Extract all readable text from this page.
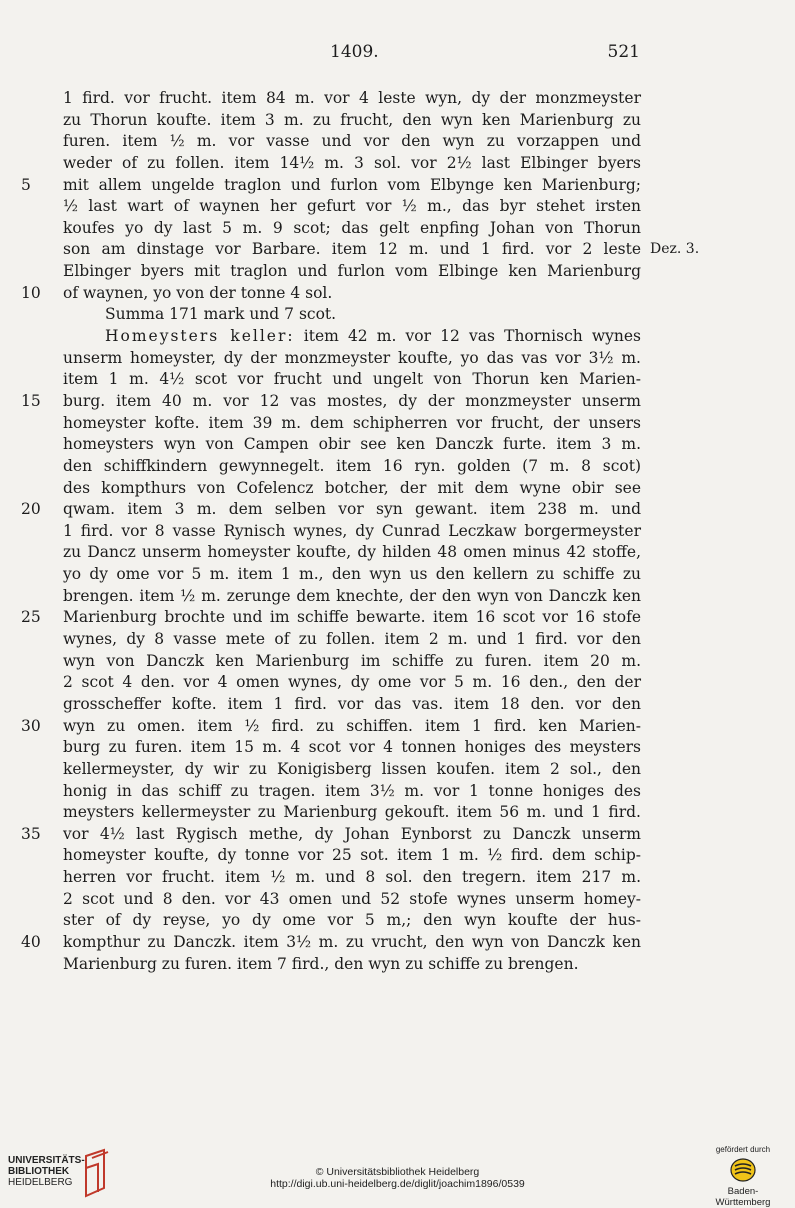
1409.	521
1 fird. vor frucht. item 84 m. vor 4 leste wyn, dy der monzmeyster
zu Thorun koufte. item 3 m. zu frucht, den wyn ken Marienburg zu
furen. item ½ m. vor vasse und vor den wyn zu vorzappen und
weder of zu follen. item 14½ m. 3 sol. vor 2½ last Elbinger byers
5	mit allem ungelde traglon und furlon vom Elbynge ken Marienburg;
½ last wart of waynen her gefurt vor ½ m., das byr stehet irsten
koufes yo dy last 5 m. 9 scot; das gelt enpfing Johan von Thorun
son am dinstage vor Barbare. item 12 m. und 1 fird. vor 2 leste Dez. 3.
Elbinger byers mit traglon und furlon vom Elbinge ken Marienburg
10	of waynen, yo von der tonne 4 sol.
Summa 171 mark und 7 scot.
Homeysters keller: item 42 m. vor 12 vas Thornisch wynes
unserm homeyster, dy der monzmeyster koufte, yo das vas vor 3½ m.
item 1 m. 4½ scot vor frucht und ungelt von Thorun ken Marien-
15	burg. item 40 m. vor 12 vas mostes, dy der monzmeyster unserm
homeyster kofte. item 39 m. dem schipherren vor frucht, der unsers
homeysters wyn von Campen obir see ken Danczk furte. item 3 m.
den schiffkindern gewynnegelt. item 16 ryn. golden (7 m. 8 scot)
des kompthurs von Cofelencz botcher, der mit dem wyne obir see
20	qwam. item 3 m. dem selben vor syn gewant. item 238 m. und
1 fird. vor 8 vasse Rynisch wynes, dy Cunrad Leczkaw borgermeyster
zu Dancz unserm homeyster koufte, dy hilden 48 omen minus 42 stoffe,
yo dy ome vor 5 m. item 1 m., den wyn us den kellern zu schiffe zu
brengen. item ½ m. zerunge dem knechte, der den wyn von Danczk ken
25	Marienburg brochte und im schiffe bewarte. item 16 scot vor 16 stofe
wynes, dy 8 vasse mete of zu follen. item 2 m. und 1 fird. vor den
wyn von Danczk ken Marienburg im schiffe zu furen. item 20 m.
2 scot 4 den. vor 4 omen wynes, dy ome vor 5 m. 16 den., den der
grosscheffer kofte. item 1 fird. vor das vas. item 18 den. vor den
30	wyn zu omen. item ½ fird. zu schiffen. item 1 fird. ken Marien-
burg zu furen. item 15 m. 4 scot vor 4 tonnen honiges des meysters
kellermeyster, dy wir zu Konigisberg lissen koufen. item 2 sol., den
honig in das schiff zu tragen. item 3½ m. vor 1 tonne honiges des
meysters kellermeyster zu Marienburg gekouft. item 56 m. und 1 fird.
35	vor 4½ last Rygisch methe, dy Johan Eynborst zu Danczk unserm
homeyster koufte, dy tonne vor 25 sot. item 1 m. ½ fird. dem schip-
herren vor frucht. item ½ m. und 8 sol. den tregern. item 217 m.
2 scot und 8 den. vor 43 omen und 52 stofe wynes unserm homey-
ster of dy reyse, yo dy ome vor 5 m,; den wyn koufte der hus-
40	kompthur zu Danczk. item 3½ m. zu vrucht, den wyn von Danczk ken
Marienburg zu furen. item 7 fird., den wyn zu schiffe zu brengen.
UNIVERSITÄTS-
BIBLIOTHEK
HEIDELBERG
© Universitätsbibliothek Heidelberg
http://digi.ub.uni-heidelberg.de/diglit/joachim1896/0539
gefördert durch
Baden-Württemberg
